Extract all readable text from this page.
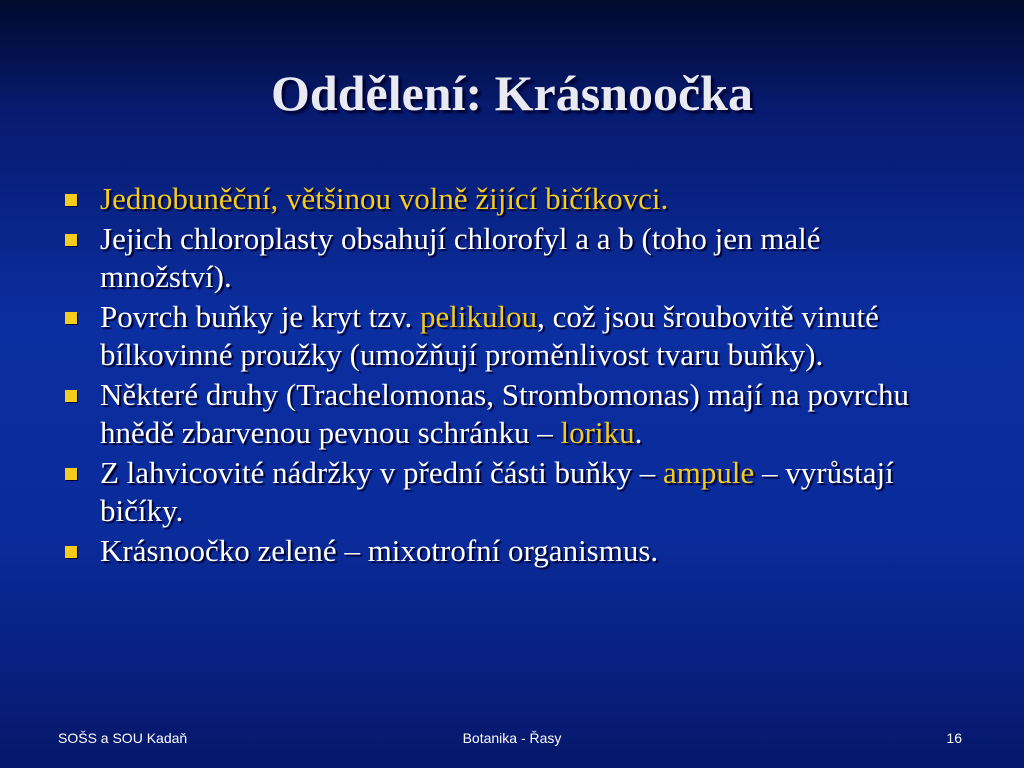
Oddělení: Krásnoočka
Jednobuněční, většinou volně žijící bičíkovci.
Jejich chloroplasty obsahují chlorofyl a a b (toho jen malé množství).
Povrch buňky je kryt tzv. pelikulou, což jsou šroubovitě vinuté bílkovinné proužky (umožňují proměnlivost tvaru buňky).
Některé druhy (Trachelomonas, Strombomonas) mají na povrchu hnědě zbarvenou pevnou schránku – loriku.
Z lahvicovité nádržky v přední části buňky – ampule – vyrůstají bičíky.
Krásnoočko zelené – mixotrofní organismus.
SOŠS a SOU Kadaň	Botanika - Řasy	16
